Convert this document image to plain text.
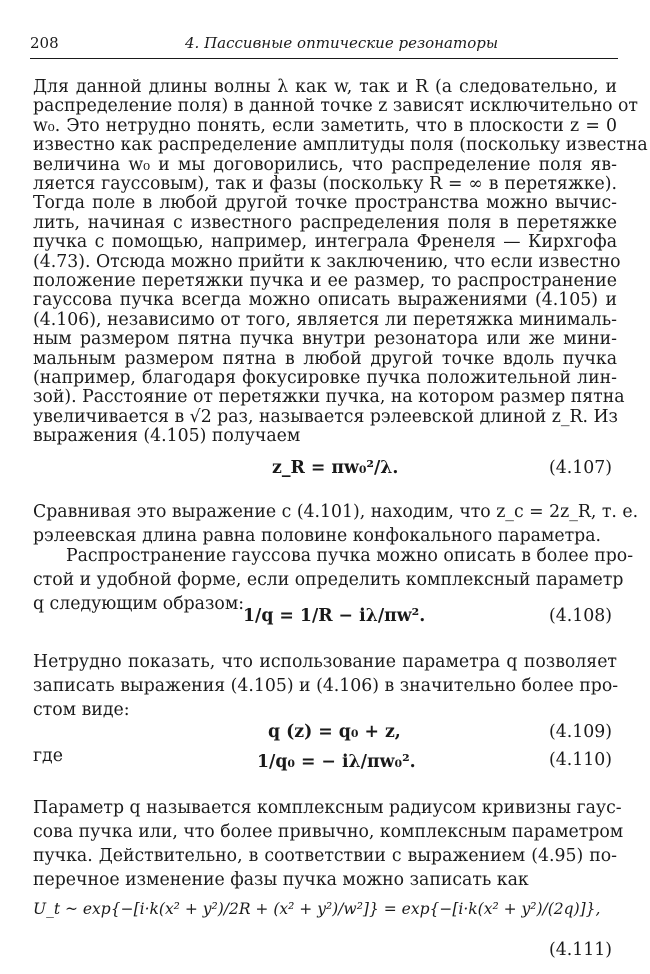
208	4. Пассивные оптические резонаторы
Для данной длины волны λ как w, так и R (а следовательно, и
распределение поля) в данной точке z зависят исключительно от
w₀. Это нетрудно понять, если заметить, что в плоскости z = 0
известно как распределение амплитуды поля (поскольку известна
величина w₀ и мы договорились, что распределение поля яв-
ляется гауссовым), так и фазы (поскольку R = ∞ в перетяжке).
Тогда поле в любой другой точке пространства можно вычис-
лить, начиная с известного распределения поля в перетяжке
пучка с помощью, например, интеграла Френеля — Кирхгофа
(4.73). Отсюда можно прийти к заключению, что если известно
положение перетяжки пучка и ее размер, то распространение
гауссова пучка всегда можно описать выражениями (4.105) и
(4.106), независимо от того, является ли перетяжка минималь-
ным размером пятна пучка внутри резонатора или же мини-
мальным размером пятна в любой другой точке вдоль пучка
(например, благодаря фокусировке пучка положительной лин-
зой). Расстояние от перетяжки пучка, на котором размер пятна
увеличивается в √2 раз, называется рэлеевской длиной z_R. Из
выражения (4.105) получаем
z_R = πw₀²/λ.	(4.107)
Сравнивая это выражение с (4.101), находим, что z_c = 2z_R, т. е.
рэлеевская длина равна половине конфокального параметра.
Распространение гауссова пучка можно описать в более про-
стой и удобной форме, если определить комплексный параметр
q следующим образом:
1/q = 1/R − iλ/πw².	(4.108)
Нетрудно показать, что использование параметра q позволяет
записать выражения (4.105) и (4.106) в значительно более про-
стом виде:
q (z) = q₀ + z,	(4.109)
где	1/q₀ = − iλ/πw₀².	(4.110)
Параметр q называется комплексным радиусом кривизны гаус-
сова пучка или, что более привычно, комплексным параметром
пучка. Действительно, в соответствии с выражением (4.95) по-
перечное изменение фазы пучка можно записать как
U_t ~ exp{−[i·k(x² + y²)/2R + (x² + y²)/w²]} = exp{−[i·k(x² + y²)/(2q)]},
(4.111)
